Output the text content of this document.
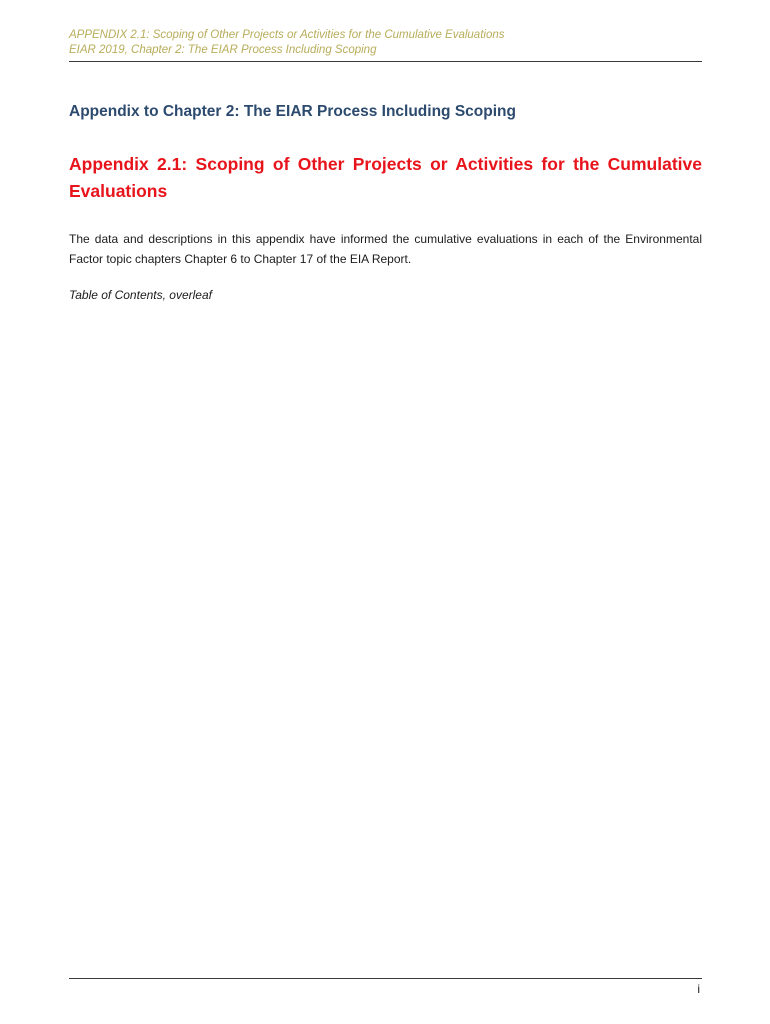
APPENDIX 2.1: Scoping of Other Projects or Activities for the Cumulative Evaluations
EIAR 2019, Chapter 2: The EIAR Process Including Scoping
Appendix to Chapter 2: The EIAR Process Including Scoping
Appendix 2.1: Scoping of Other Projects or Activities for the Cumulative Evaluations

The data and descriptions in this appendix have informed the cumulative evaluations in each of the Environmental Factor topic chapters Chapter 6 to Chapter 17 of the EIA Report.

Table of Contents, overleaf

i
